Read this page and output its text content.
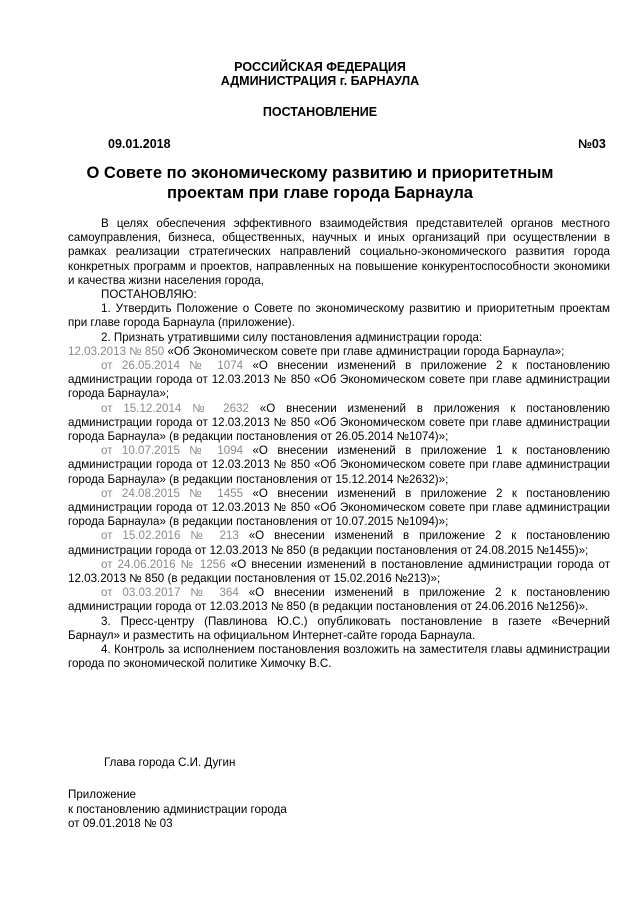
РОССИЙСКАЯ ФЕДЕРАЦИЯ
АДМИНИСТРАЦИЯ г. БАРНАУЛА
ПОСТАНОВЛЕНИЕ
09.01.2018	№03
О Совете по экономическому развитию и приоритетным проектам при главе города Барнаула

В целях обеспечения эффективного взаимодействия представителей органов местного самоуправления, бизнеса, общественных, научных и иных организаций при осуществлении в рамках реализации стратегических направлений социально-экономического развития города конкретных программ и проектов, направленных на повышение конкурентоспособности экономики и качества жизни населения города,

ПОСТАНОВЛЯЮ:

1. Утвердить Положение о Совете по экономическому развитию и приоритетным проектам при главе города Барнаула (приложение).

2. Признать утратившими силу постановления администрации города:

12.03.2013 № 850 «Об Экономическом совете при главе администрации города Барнаула»;

от 26.05.2014 № 1074 «О внесении изменений в приложение 2 к постановлению администрации города от 12.03.2013 № 850 «Об Экономическом совете при главе администрации города Барнаула»;

от 15.12.2014 № 2632 «О внесении изменений в приложения к постановлению администрации города от 12.03.2013 № 850 «Об Экономическом совете при главе администрации города Барнаула» (в редакции постановления от 26.05.2014 №1074)»;

от 10.07.2015 № 1094 «О внесении изменений в приложение 1 к постановлению администрации города от 12.03.2013 № 850 «Об Экономическом совете при главе администрации города Барнаула» (в редакции постановления от 15.12.2014 №2632)»;

от 24.08.2015 № 1455 «О внесении изменений в приложение 2 к постановлению администрации города от 12.03.2013 № 850 «Об Экономическом совете при главе администрации города Барнаула» (в редакции постановления от 10.07.2015 №1094)»;

от 15.02.2016 № 213 «О внесении изменений в приложение 2 к постановлению администрации города от 12.03.2013 № 850 (в редакции постановления от 24.08.2015 №1455)»;

от 24.06.2016 № 1256 «О внесении изменений в постановление администрации города от 12.03.2013 № 850 (в редакции постановления от 15.02.2016 №213)»;

от 03.03.2017 № 364 «О внесении изменений в приложение 2 к постановлению администрации города от 12.03.2013 № 850 (в редакции постановления от 24.06.2016 №1256)».

3. Пресс-центру (Павлинова Ю.С.) опубликовать постановление в газете «Вечерний Барнаул» и разместить на официальном Интернет-сайте города Барнаула.

4. Контроль за исполнением постановления возложить на заместителя главы администрации города по экономической политике Химочку В.С.

Глава города С.И. Дугин
Приложение
к постановлению администрации города
от 09.01.2018 № 03
